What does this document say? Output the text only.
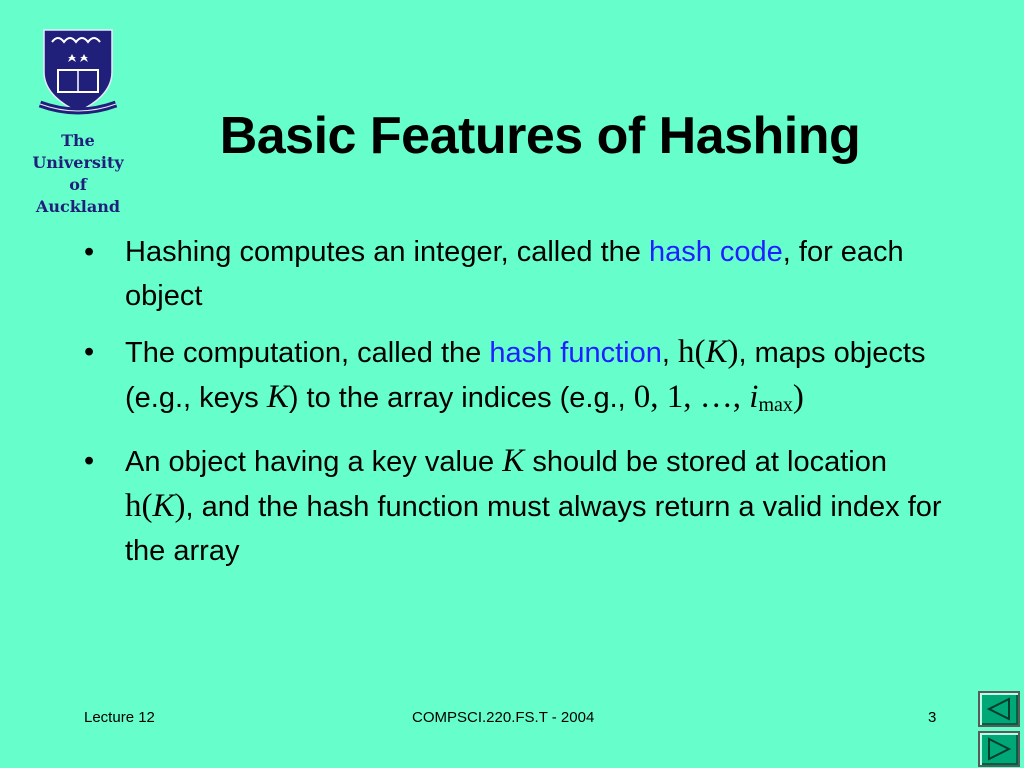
The
University
of Auckland
Basic Features of Hashing
• Hashing computes an integer, called the hash code, for each object
• The computation, called the hash function, h(K), maps objects (e.g., keys K) to the array indices (e.g., 0, 1, …, $i_{max}$)
• An object having a key value K should be stored at location h(K), and the hash function must always return a valid index for the array
Lecture 12	COMPSCI.220.FS.T - 2004	3
